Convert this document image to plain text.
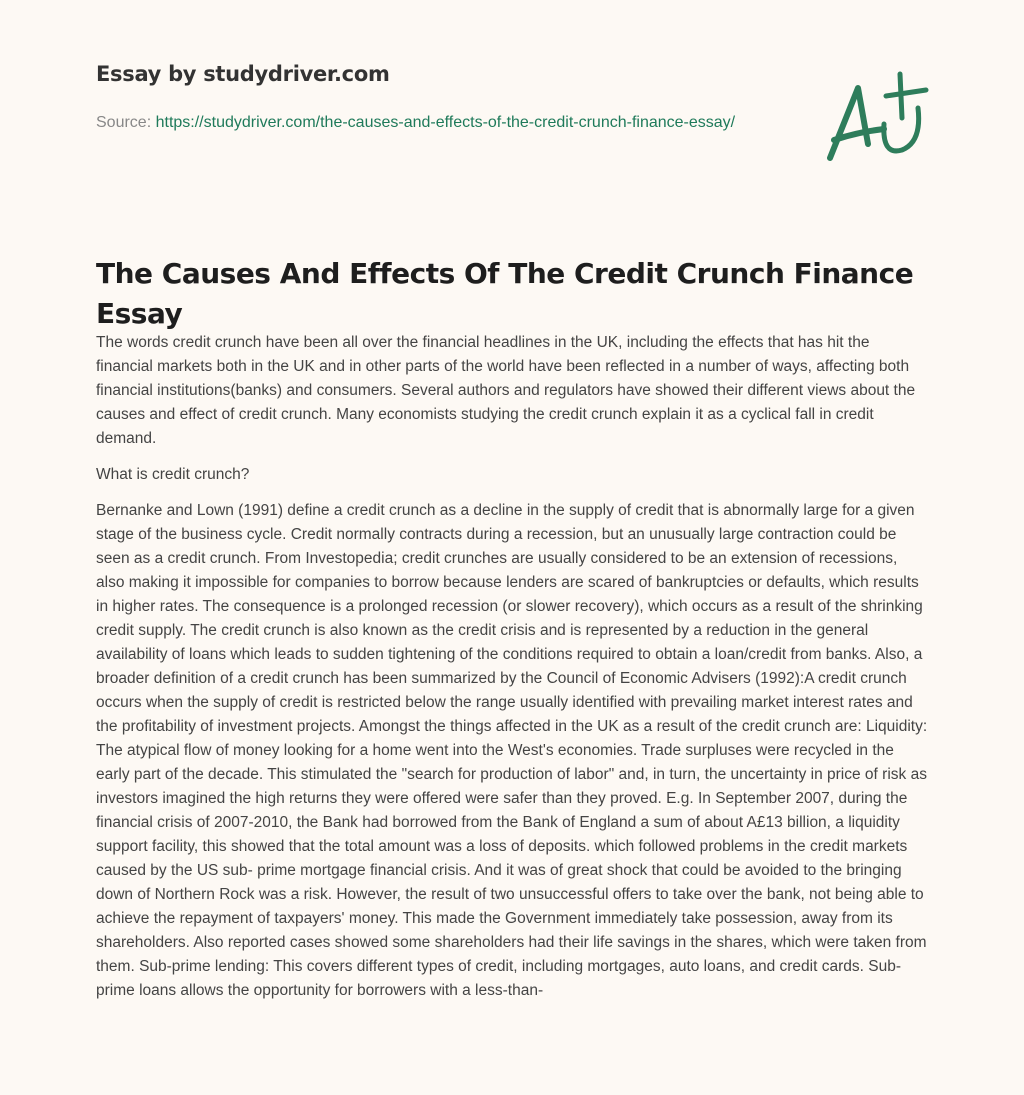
Essay by studydriver.com
Source: https://studydriver.com/the-causes-and-effects-of-the-credit-crunch-finance-essay/
The Causes And Effects Of The Credit Crunch Finance Essay

The words credit crunch have been all over the financial headlines in the UK, including the effects that has hit the financial markets both in the UK and in other parts of the world have been reflected in a number of ways, affecting both financial institutions(banks) and consumers. Several authors and regulators have showed their different views about the causes and effect of credit crunch. Many economists studying the credit crunch explain it as a cyclical fall in credit demand.

What is credit crunch?

Bernanke and Lown (1991) define a credit crunch as a decline in the supply of credit that is abnormally large for a given stage of the business cycle. Credit normally contracts during a recession, but an unusually large contraction could be seen as a credit crunch. From Investopedia; credit crunches are usually considered to be an extension of recessions, also making it impossible for companies to borrow because lenders are scared of bankruptcies or defaults, which results in higher rates. The consequence is a prolonged recession (or slower recovery), which occurs as a result of the shrinking credit supply. The credit crunch is also known as the credit crisis and is represented by a reduction in the general availability of loans which leads to sudden tightening of the conditions required to obtain a loan/credit from banks. Also, a broader definition of a credit crunch has been summarized by the Council of Economic Advisers (1992):A credit crunch occurs when the supply of credit is restricted below the range usually identified with prevailing market interest rates and the profitability of investment projects. Amongst the things affected in the UK as a result of the credit crunch are: Liquidity: The atypical flow of money looking for a home went into the West's economies. Trade surpluses were recycled in the early part of the decade. This stimulated the "search for production of labor" and, in turn, the uncertainty in price of risk as investors imagined the high returns they were offered were safer than they proved. E.g. In September 2007, during the financial crisis of 2007-2010, the Bank had borrowed from the Bank of England a sum of about A£13 billion, a liquidity support facility, this showed that the total amount was a loss of deposits. which followed problems in the credit markets caused by the US sub- prime mortgage financial crisis. And it was of great shock that could be avoided to the bringing down of Northern Rock was a risk. However, the result of two unsuccessful offers to take over the bank, not being able to achieve the repayment of taxpayers' money. This made the Government immediately take possession, away from its shareholders. Also reported cases showed some shareholders had their life savings in the shares, which were taken from them. Sub-prime lending: This covers different types of credit, including mortgages, auto loans, and credit cards. Sub-prime loans allows the opportunity for borrowers with a less-than-
